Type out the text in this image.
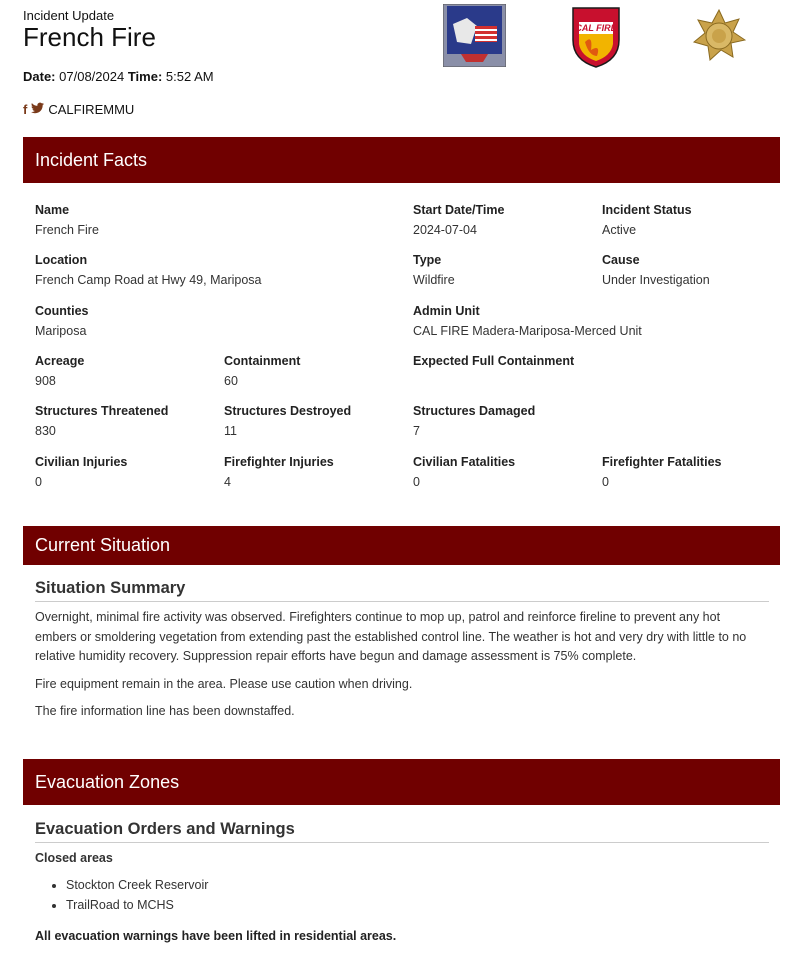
Incident Update
French Fire
Date: 07/08/2024 Time: 5:52 AM
f CALFIREMMU
CAL FIRE
Incident Facts
Name
French Fire
Start Date/Time
2024-07-04
Incident Status
Active
Location
French Camp Road at Hwy 49, Mariposa
Type
Wildfire
Cause
Under Investigation
Counties
Mariposa
Admin Unit
CAL FIRE Madera-Mariposa-Merced Unit
Acreage
908
Containment
60
Expected Full Containment
Structures Threatened
830
Structures Destroyed
11
Structures Damaged
7
Civilian Injuries
0
Firefighter Injuries
4
Civilian Fatalities
0
Firefighter Fatalities
0
Current Situation
Situation Summary
Overnight, minimal fire activity was observed. Firefighters continue to mop up, patrol and reinforce fireline to prevent any hot embers or smoldering vegetation from extending past the established control line. The weather is hot and very dry with little to no relative humidity recovery. Suppression repair efforts have begun and damage assessment is 75% complete.
Fire equipment remain in the area. Please use caution when driving.
The fire information line has been downstaffed.
Evacuation Zones
Evacuation Orders and Warnings
Closed areas
• Stockton Creek Reservoir
• TrailRoad to MCHS
All evacuation warnings have been lifted in residential areas.
